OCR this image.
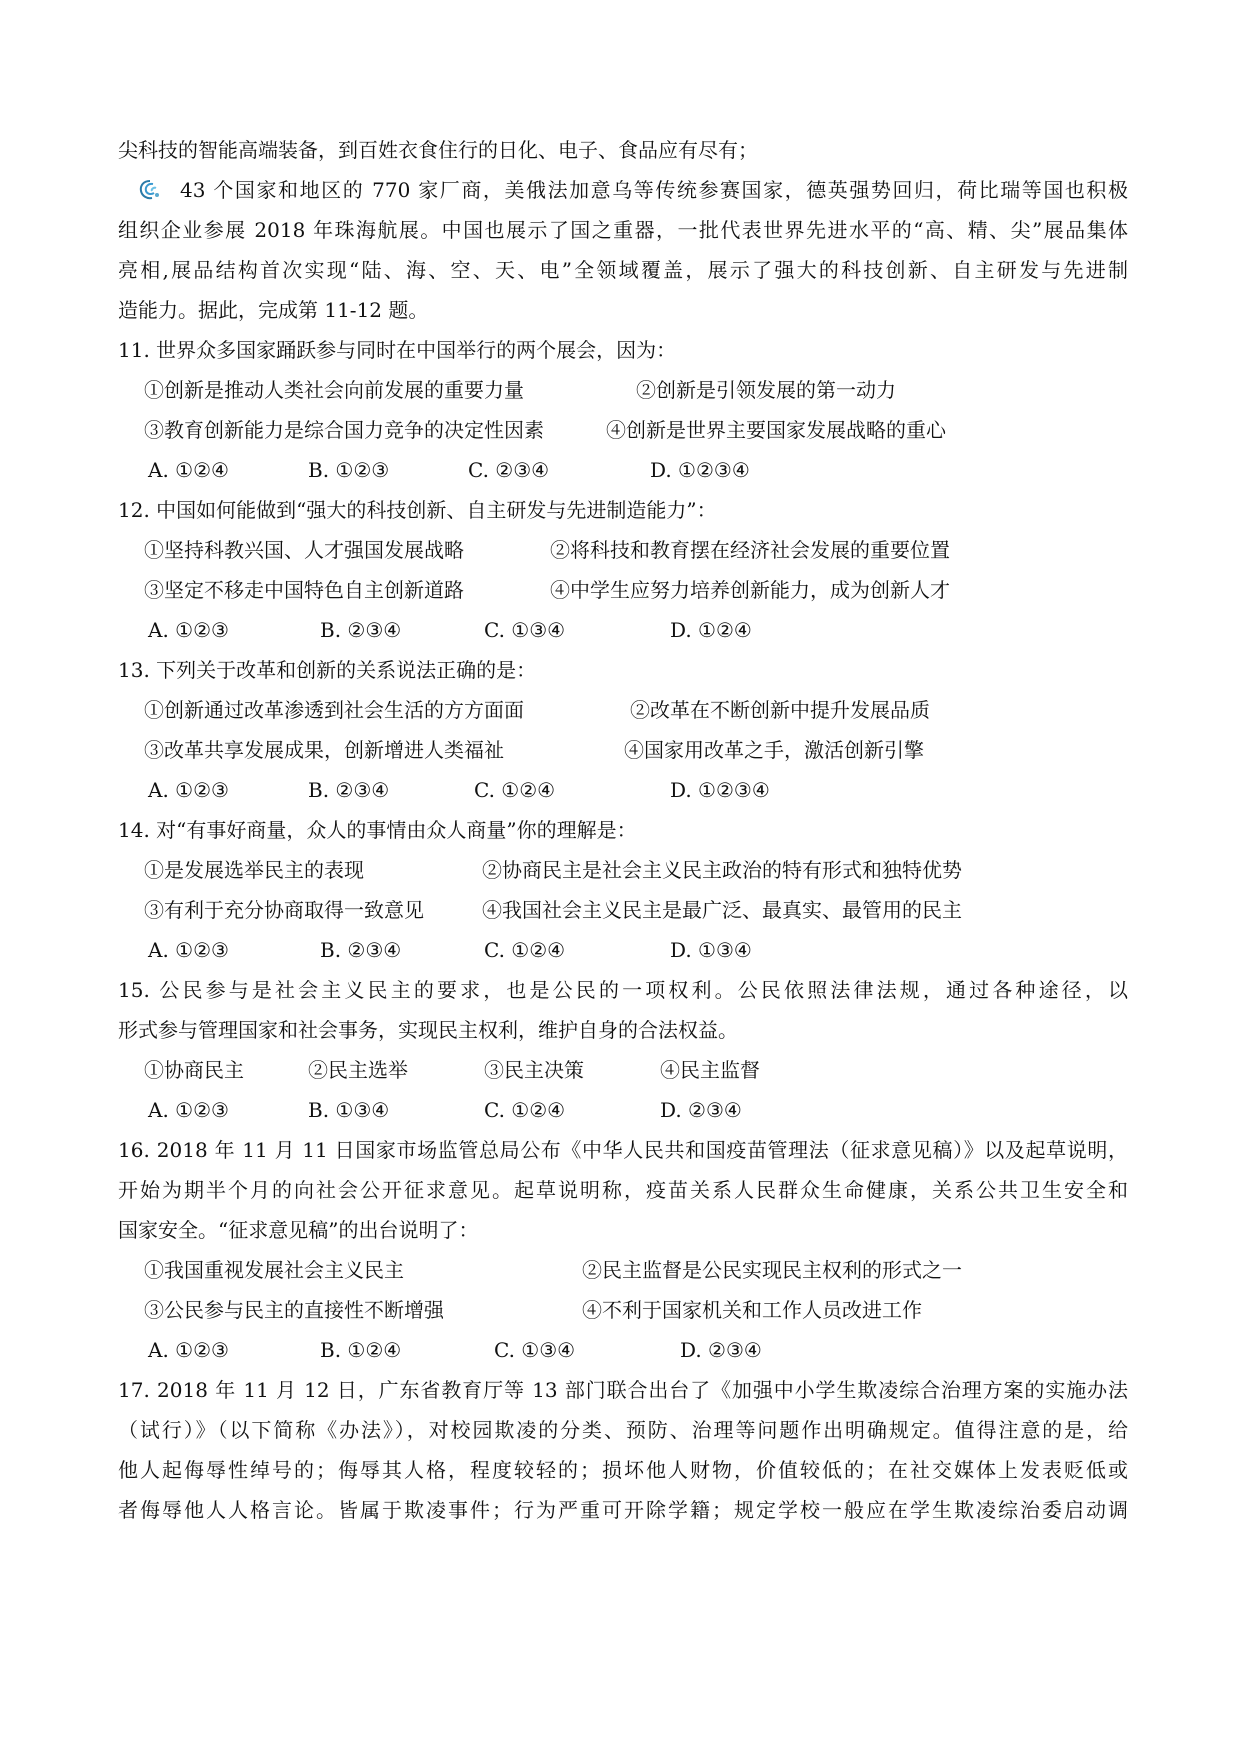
尖科技的智能高端装备，到百姓衣食住行的日化、电子、食品应有尽有；
43 个国家和地区的 770 家厂商，美俄法加意乌等传统参赛国家，德英强势回归，荷比瑞等国也积极
组织企业参展 2018 年珠海航展。中国也展示了国之重器，一批代表世界先进水平的“高、精、尖”展品集体
亮相,展品结构首次实现“陆、海、空、天、电”全领域覆盖，展示了强大的科技创新、自主研发与先进制
造能力。据此，完成第 11-12 题。
11. 世界众多国家踊跃参与同时在中国举行的两个展会，因为：
①创新是推动人类社会向前发展的重要力量	②创新是引领发展的第一动力
③教育创新能力是综合国力竞争的决定性因素	④创新是世界主要国家发展战略的重心
A. ①②④	B. ①②③	C. ②③④	D. ①②③④
12. 中国如何能做到“强大的科技创新、自主研发与先进制造能力”：
①坚持科教兴国、人才强国发展战略	②将科技和教育摆在经济社会发展的重要位置
③坚定不移走中国特色自主创新道路	④中学生应努力培养创新能力，成为创新人才
A. ①②③	B. ②③④	C. ①③④	D. ①②④
13. 下列关于改革和创新的关系说法正确的是：
①创新通过改革渗透到社会生活的方方面面	②改革在不断创新中提升发展品质
③改革共享发展成果，创新增进人类福祉	④国家用改革之手，激活创新引擎
A. ①②③	B. ②③④	C. ①②④	D. ①②③④
14. 对“有事好商量，众人的事情由众人商量”你的理解是：
①是发展选举民主的表现	②协商民主是社会主义民主政治的特有形式和独特优势
③有利于充分协商取得一致意见	④我国社会主义民主是最广泛、最真实、最管用的民主
A. ①②③	B. ②③④	C. ①②④	D. ①③④
15. 公民参与是社会主义民主的要求，也是公民的一项权利。公民依照法律法规，通过各种途径，以
形式参与管理国家和社会事务，实现民主权利，维护自身的合法权益。
①协商民主	②民主选举	③民主决策	④民主监督
A. ①②③	B. ①③④	C. ①②④	D. ②③④
16. 2018 年 11 月 11 日国家市场监管总局公布《中华人民共和国疫苗管理法（征求意见稿）》以及起草说明，
开始为期半个月的向社会公开征求意见。起草说明称，疫苗关系人民群众生命健康，关系公共卫生安全和
国家安全。“征求意见稿”的出台说明了：
①我国重视发展社会主义民主	②民主监督是公民实现民主权利的形式之一
③公民参与民主的直接性不断增强	④不利于国家机关和工作人员改进工作
A. ①②③	B. ①②④	C. ①③④	D. ②③④
17. 2018 年 11 月 12 日，广东省教育厅等 13 部门联合出台了《加强中小学生欺凌综合治理方案的实施办法
（试行）》（以下简称《办法》），对校园欺凌的分类、预防、治理等问题作出明确规定。值得注意的是，给
他人起侮辱性绰号的；侮辱其人格，程度较轻的；损坏他人财物，价值较低的；在社交媒体上发表贬低或
者侮辱他人人格言论。皆属于欺凌事件；行为严重可开除学籍；规定学校一般应在学生欺凌综治委启动调
